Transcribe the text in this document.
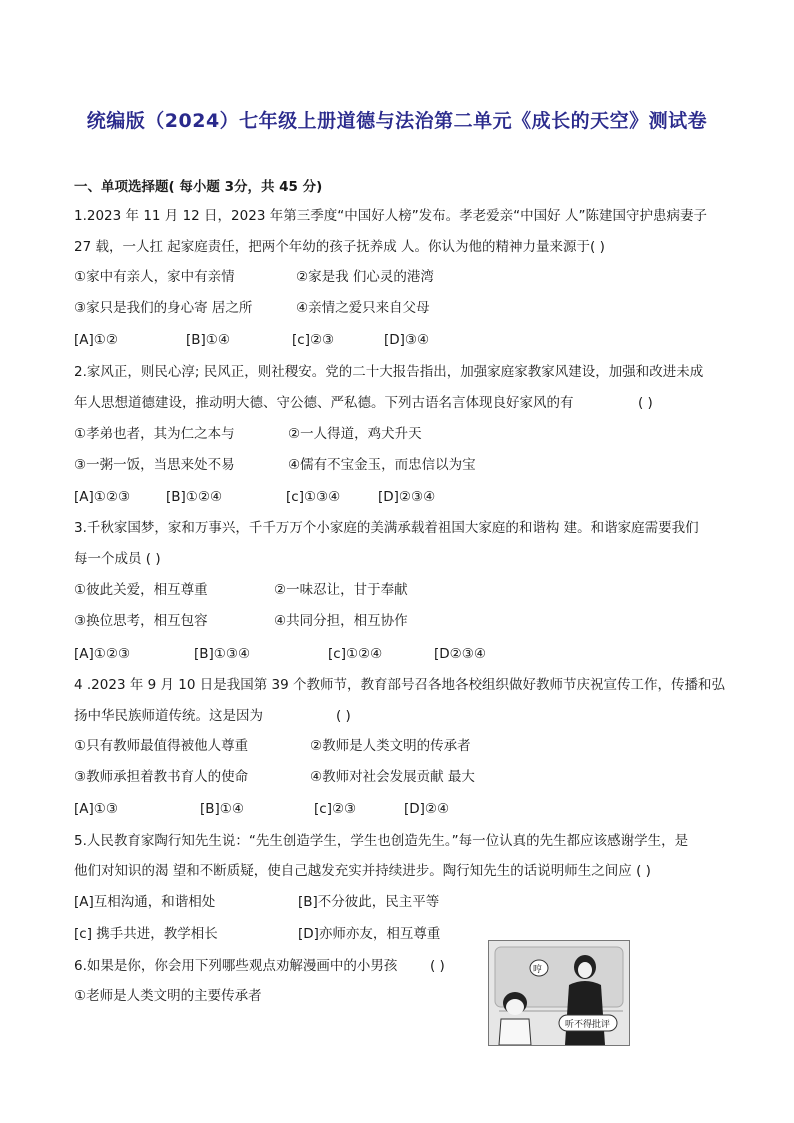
统编版（2024）七年级上册道德与法治第二单元《成长的天空》测试卷
一、单项选择题( 每小题 3分，共 45 分)
1.2023 年 11 月 12 日，2023 年第三季度“中国好人榜”发布。孝老爱亲“中国好 人”陈建国守护患病妻子
27 载，一人扛 起家庭责任，把两个年幼的孩子抚养成 人。你认为他的精神力量来源于( )
①家中有亲人，家中有亲情	②家是我 们心灵的港湾
③家只是我们的身心寄 居之所	④亲情之爱只来自父母
[A]①②	[B]①④	[c]②③	[D]③④
2.家风正，则民心淳; 民风正，则社稷安。党的二十大报告指出，加强家庭家教家风建设，加强和改进未成
年人思想道德建设，推动明大德、守公德、严私德。下列古语名言体现良好家风的有	( )
①孝弟也者，其为仁之本与	②一人得道，鸡犬升天
③一粥一饭，当思来处不易	④儒有不宝金玉，而忠信以为宝
[A]①②③	[B]①②④	[c]①③④	[D]②③④
3.千秋家国梦，家和万事兴，千千万万个小家庭的美满承载着祖国大家庭的和谐构 建。和谐家庭需要我们
每一个成员 ( )
①彼此关爱，相互尊重	②一味忍让，甘于奉献
③换位思考，相互包容	④共同分担，相互协作
[A]①②③	[B]①③④	[c]①②④	[D②③④
4 .2023 年 9 月 10 日是我国第 39 个教师节，教育部号召各地各校组织做好教师节庆祝宣传工作，传播和弘
扬中华民族师道传统。这是因为	( )
①只有教师最值得被他人尊重	②教师是人类文明的传承者
③教师承担着教书育人的使命	④教师对社会发展贡献 最大
[A]①③	[B]①④	[c]②③	[D]②④
5.人民教育家陶行知先生说：“先生创造学生，学生也创造先生。”每一位认真的先生都应该感谢学生，是
他们对知识的渴 望和不断质疑，使自己越发充实并持续进步。陶行知先生的话说明师生之间应 ( )
[A]互相沟通，和谐相处	[B]不分彼此，民主平等
[c] 携手共进，教学相长	[D]亦师亦友，相互尊重
6.如果是你，你会用下列哪些观点劝解漫画中的小男孩 ( )
①老师是人类文明的主要传承者
哼
听不得批评
